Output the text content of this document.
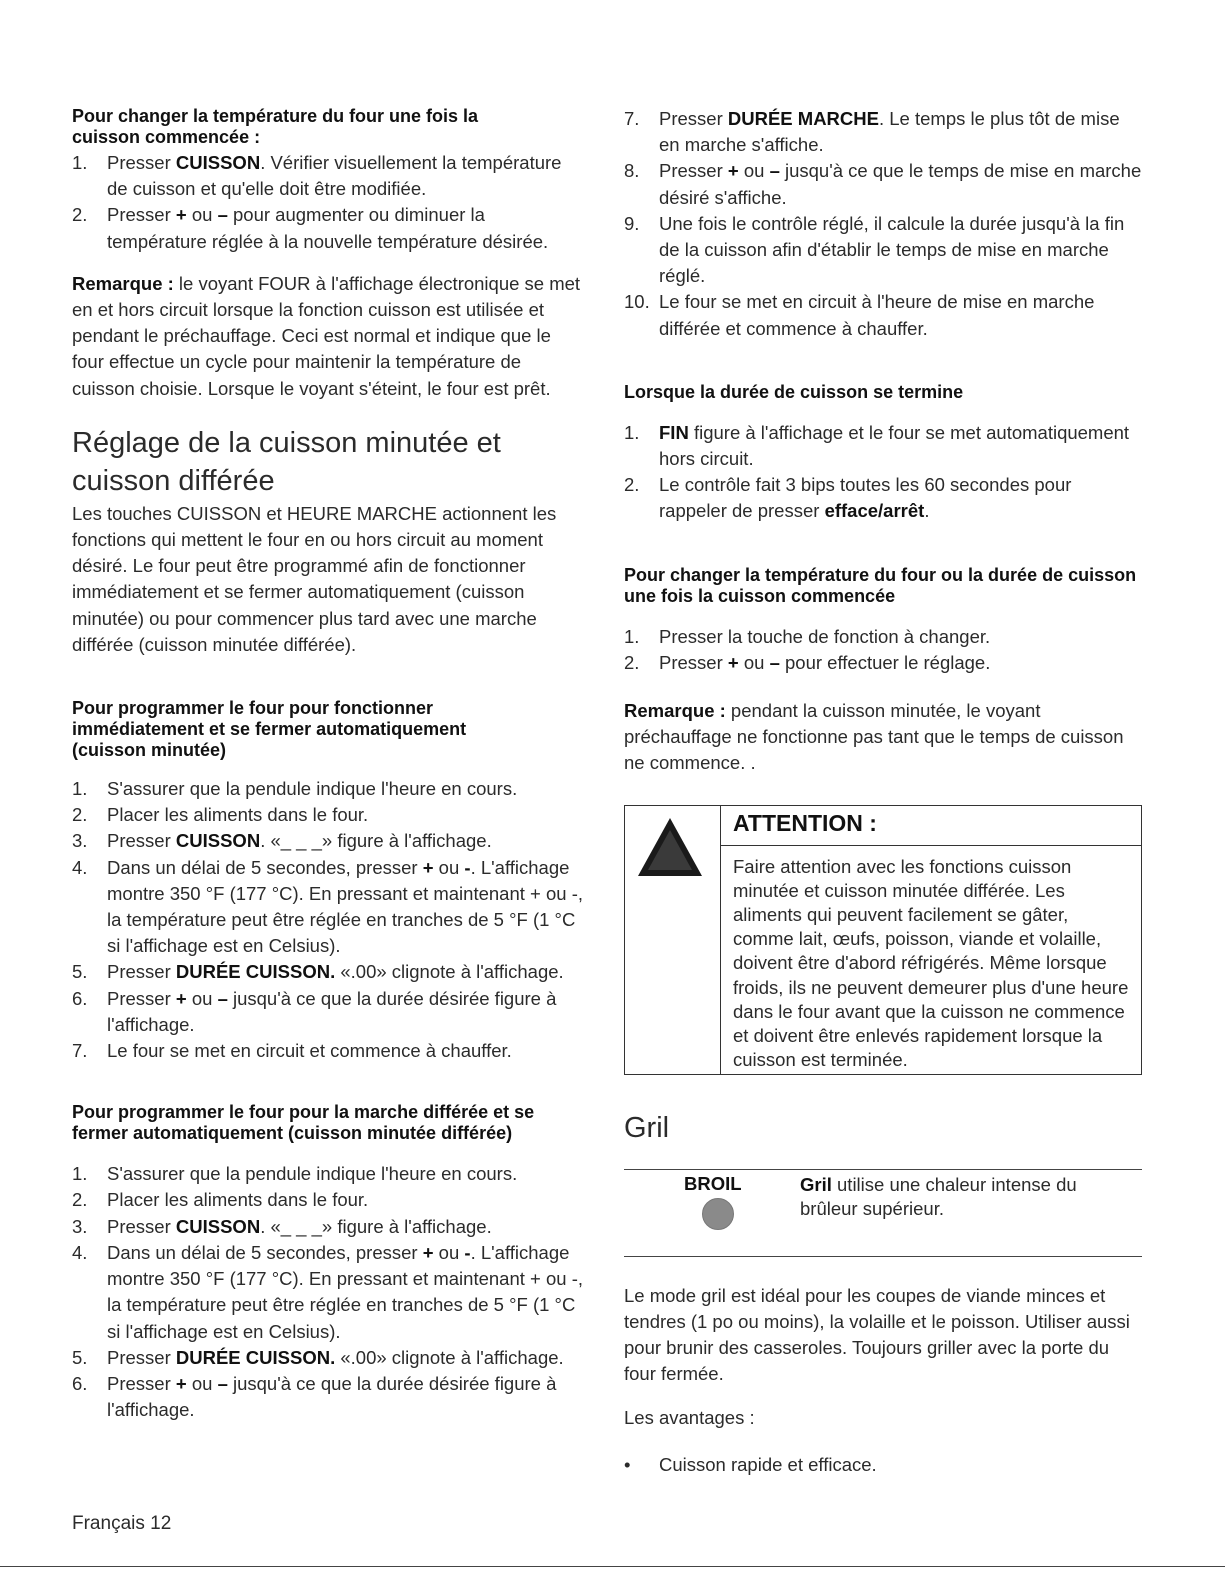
Pour changer la température du four une fois la cuisson commencée :

1. Presser CUISSON. Vérifier visuellement la température de cuisson et qu'elle doit être modifiée.
2. Presser + ou – pour augmenter ou diminuer la température réglée à la nouvelle température désirée.

Remarque : le voyant FOUR à l'affichage électronique se met en et hors circuit lorsque la fonction cuisson est utilisée et pendant le préchauffage. Ceci est normal et indique que le four effectue un cycle pour maintenir la température de cuisson choisie. Lorsque le voyant s'éteint, le four est prêt.

Réglage de la cuisson minutée et cuisson différée

Les touches CUISSON et HEURE MARCHE actionnent les fonctions qui mettent le four en ou hors circuit au moment désiré. Le four peut être programmé afin de fonctionner immédiatement et se fermer automatiquement (cuisson minutée) ou pour commencer plus tard avec une marche différée (cuisson minutée différée).

Pour programmer le four pour fonctionner immédiatement et se fermer automatiquement (cuisson minutée)

1. S'assurer que la pendule indique l'heure en cours.
2. Placer les aliments dans le four.
3. Presser CUISSON. «_ _ _» figure à l'affichage.
4. Dans un délai de 5 secondes, presser + ou -. L'affichage montre 350 °F (177 °C). En pressant et maintenant + ou -, la température peut être réglée en tranches de 5 °F (1 °C si l'affichage est en Celsius).
5. Presser DURÉE CUISSON. «.00» clignote à l'affichage.
6. Presser + ou – jusqu'à ce que la durée désirée figure à l'affichage.
7. Le four se met en circuit et commence à chauffer.

Pour programmer le four pour la marche différée et se fermer automatiquement (cuisson minutée différée)

1. S'assurer que la pendule indique l'heure en cours.
2. Placer les aliments dans le four.
3. Presser CUISSON. «_ _ _» figure à l'affichage.
4. Dans un délai de 5 secondes, presser + ou -. L'affichage montre 350 °F (177 °C). En pressant et maintenant + ou -, la température peut être réglée en tranches de 5 °F (1 °C si l'affichage est en Celsius).
5. Presser DURÉE CUISSON. «.00» clignote à l'affichage.
6. Presser + ou – jusqu'à ce que la durée désirée figure à l'affichage.
7. Presser DURÉE MARCHE. Le temps le plus tôt de mise en marche s'affiche.
8. Presser + ou – jusqu'à ce que le temps de mise en marche désiré s'affiche.
9. Une fois le contrôle réglé, il calcule la durée jusqu'à la fin de la cuisson afin d'établir le temps de mise en marche réglé.
10. Le four se met en circuit à l'heure de mise en marche différée et commence à chauffer.

Lorsque la durée de cuisson se termine

1. FIN figure à l'affichage et le four se met automatiquement hors circuit.
2. Le contrôle fait 3 bips toutes les 60 secondes pour rappeler de presser efface/arrêt.

Pour changer la température du four ou la durée de cuisson une fois la cuisson commencée

1. Presser la touche de fonction à changer.
2. Presser + ou – pour effectuer le réglage.

Remarque : pendant la cuisson minutée, le voyant préchauffage ne fonctionne pas tant que le temps de cuisson ne commence. .

ATTENTION :
Faire attention avec les fonctions cuisson minutée et cuisson minutée différée. Les aliments qui peuvent facilement se gâter, comme lait, œufs, poisson, viande et volaille, doivent être d'abord réfrigérés. Même lorsque froids, ils ne peuvent demeurer plus d'une heure dans le four avant que la cuisson ne commence et doivent être enlevés rapidement lorsque la cuisson est terminée.
Gril
BROIL	Gril utilise une chaleur intense du brûleur supérieur.

Le mode gril est idéal pour les coupes de viande minces et tendres (1 po ou moins), la volaille et le poisson. Utiliser aussi pour brunir des casseroles. Toujours griller avec la porte du four fermée.

Les avantages :

• Cuisson rapide et efficace.
Français 12
